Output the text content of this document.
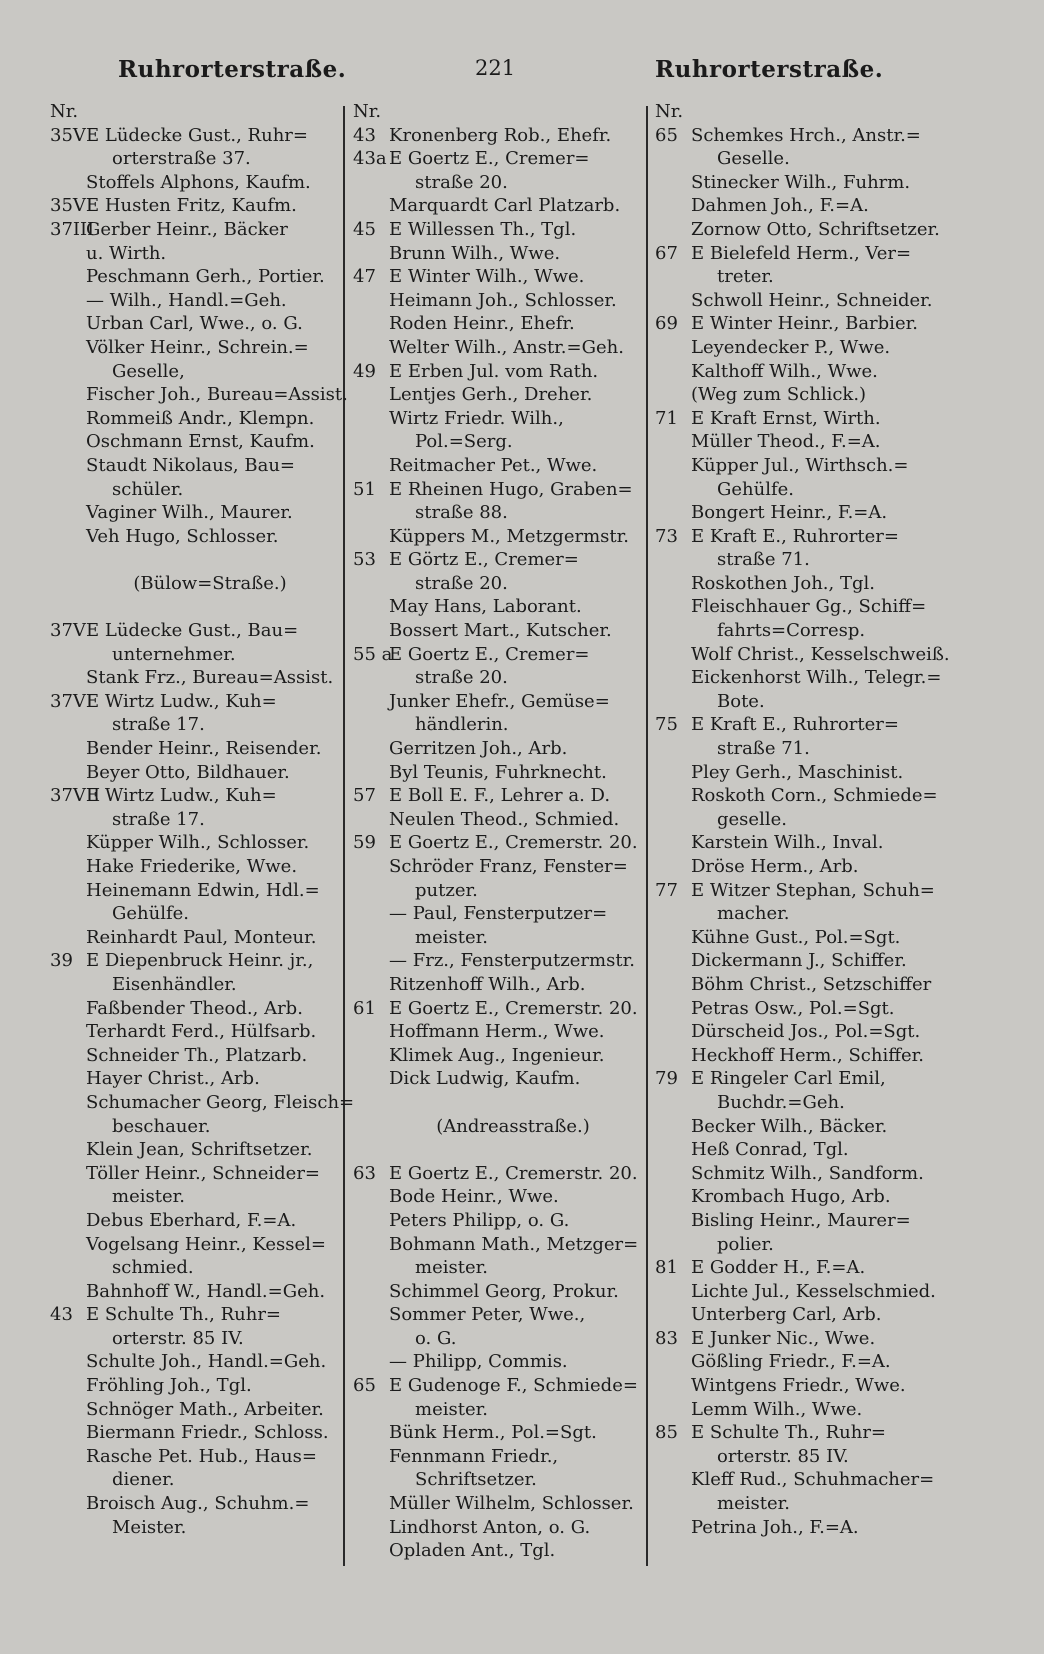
Ruhrorterstraße.	221	Ruhrorterstraße.
Nr.
35V E Lüdecke Gust., Ruhr=
orterstraße 37.
Stoffels Alphons, Kaufm.
35VI
E Husten Fritz, Kaufm.
37III
Gerber Heinr., Bäcker
u. Wirth.
Peschmann Gerh., Portier.
— Wilh., Handl.=Geh.
Urban Carl, Wwe., o. G.
Völker Heinr., Schrein.=
Geselle,
Fischer Joh., Bureau=Assist.
Rommeiß Andr., Klempn.
Oschmann Ernst, Kaufm.
Staudt Nikolaus, Bau=
schüler.
Vaginer Wilh., Maurer.
Veh Hugo, Schlosser.
(Bülow=Straße.)
37V E Lüdecke Gust., Bau=
unternehmer.
Stank Frz., Bureau=Assist.
37VI
E Wirtz Ludw., Kuh=
straße 17.
Bender Heinr., Reisender.
Beyer Otto, Bildhauer.
37VII
E Wirtz Ludw., Kuh=
straße 17.
Küpper Wilh., Schlosser.
Hake Friederike, Wwe.
Heinemann Edwin, Hdl.=
Gehülfe.
Reinhardt Paul, Monteur.
39 E Diepenbruck Heinr. jr.,
Eisenhändler.
Faßbender Theod., Arb.
Terhardt Ferd., Hülfsarb.
Schneider Th., Platzarb.
Hayer Christ., Arb.
Schumacher Georg, Fleisch=
beschauer.
Klein Jean, Schriftsetzer.
Töller Heinr., Schneider=
meister.
Debus Eberhard, F.=A.
Vogelsang Heinr., Kessel=
schmied.
Bahnhoff W., Handl.=Geh.
43 E Schulte Th., Ruhr=
orterstr. 85 IV.
Schulte Joh., Handl.=Geh.
Fröhling Joh., Tgl.
Schnöger Math., Arbeiter.
Biermann Friedr., Schloss.
Rasche Pet. Hub., Haus=
diener.
Broisch Aug., Schuhm.=
Meister.
Nr.
43 Kronenberg Rob., Ehefr.
43a E Goertz E., Cremer=
straße 20.
Marquardt Carl Platzarb.
45 E Willessen Th., Tgl.
Brunn Wilh., Wwe.
47 E Winter Wilh., Wwe.
Heimann Joh., Schlosser.
Roden Heinr., Ehefr.
Welter Wilh., Anstr.=Geh.
49 E Erben Jul. vom Rath.
Lentjes Gerh., Dreher.
Wirtz Friedr. Wilh.,
Pol.=Serg.
Reitmacher Pet., Wwe.
51 E Rheinen Hugo, Graben=
straße 88.
Küppers M., Metzgermstr.
53 E Görtz E., Cremer=
straße 20.
May Hans, Laborant.
Bossert Mart., Kutscher.
55 a
E Goertz E., Cremer=
straße 20.
Junker Ehefr., Gemüse=
händlerin.
Gerritzen Joh., Arb.
Byl Teunis, Fuhrknecht.
57 E Boll E. F., Lehrer a. D.
Neulen Theod., Schmied.
59 E Goertz E., Cremerstr. 20.
Schröder Franz, Fenster=
putzer.
— Paul, Fensterputzer=
meister.
— Frz., Fensterputzermstr.
Ritzenhoff Wilh., Arb.
61 E Goertz E., Cremerstr. 20.
Hoffmann Herm., Wwe.
Klimek Aug., Ingenieur.
Dick Ludwig, Kaufm.
(Andreasstraße.)
63 E Goertz E., Cremerstr. 20.
Bode Heinr., Wwe.
Peters Philipp, o. G.
Bohmann Math., Metzger=
meister.
Schimmel Georg, Prokur.
Sommer Peter, Wwe.,
o. G.
— Philipp, Commis.
65 E Gudenoge F., Schmiede=
meister.
Bünk Herm., Pol.=Sgt.
Fennmann Friedr.,
Schriftsetzer.
Müller Wilhelm, Schlosser.
Lindhorst Anton, o. G.
Opladen Ant., Tgl.
Nr.
65 Schemkes Hrch., Anstr.=
Geselle.
Stinecker Wilh., Fuhrm.
Dahmen Joh., F.=A.
Zornow Otto, Schriftsetzer.
67 E Bielefeld Herm., Ver=
treter.
Schwoll Heinr., Schneider.
69 E Winter Heinr., Barbier.
Leyendecker P., Wwe.
Kalthoff Wilh., Wwe.
(Weg zum Schlick.)
71 E Kraft Ernst, Wirth.
Müller Theod., F.=A.
Küpper Jul., Wirthsch.=
Gehülfe.
Bongert Heinr., F.=A.
73 E Kraft E., Ruhrorter=
straße 71.
Roskothen Joh., Tgl.
Fleischhauer Gg., Schiff=
fahrts=Corresp.
Wolf Christ., Kesselschweiß.
Eickenhorst Wilh., Telegr.=
Bote.
75 E Kraft E., Ruhrorter=
straße 71.
Pley Gerh., Maschinist.
Roskoth Corn., Schmiede=
geselle.
Karstein Wilh., Inval.
Dröse Herm., Arb.
77 E Witzer Stephan, Schuh=
macher.
Kühne Gust., Pol.=Sgt.
Dickermann J., Schiffer.
Böhm Christ., Setzschiffer
Petras Osw., Pol.=Sgt.
Dürscheid Jos., Pol.=Sgt.
Heckhoff Herm., Schiffer.
79 E Ringeler Carl Emil,
Buchdr.=Geh.
Becker Wilh., Bäcker.
Heß Conrad, Tgl.
Schmitz Wilh., Sandform.
Krombach Hugo, Arb.
Bisling Heinr., Maurer=
polier.
81 E Godder H., F.=A.
Lichte Jul., Kesselschmied.
Unterberg Carl, Arb.
83 E Junker Nic., Wwe.
Gößling Friedr., F.=A.
Wintgens Friedr., Wwe.
Lemm Wilh., Wwe.
85 E Schulte Th., Ruhr=
orterstr. 85 IV.
Kleff Rud., Schuhmacher=
meister.
Petrina Joh., F.=A.
